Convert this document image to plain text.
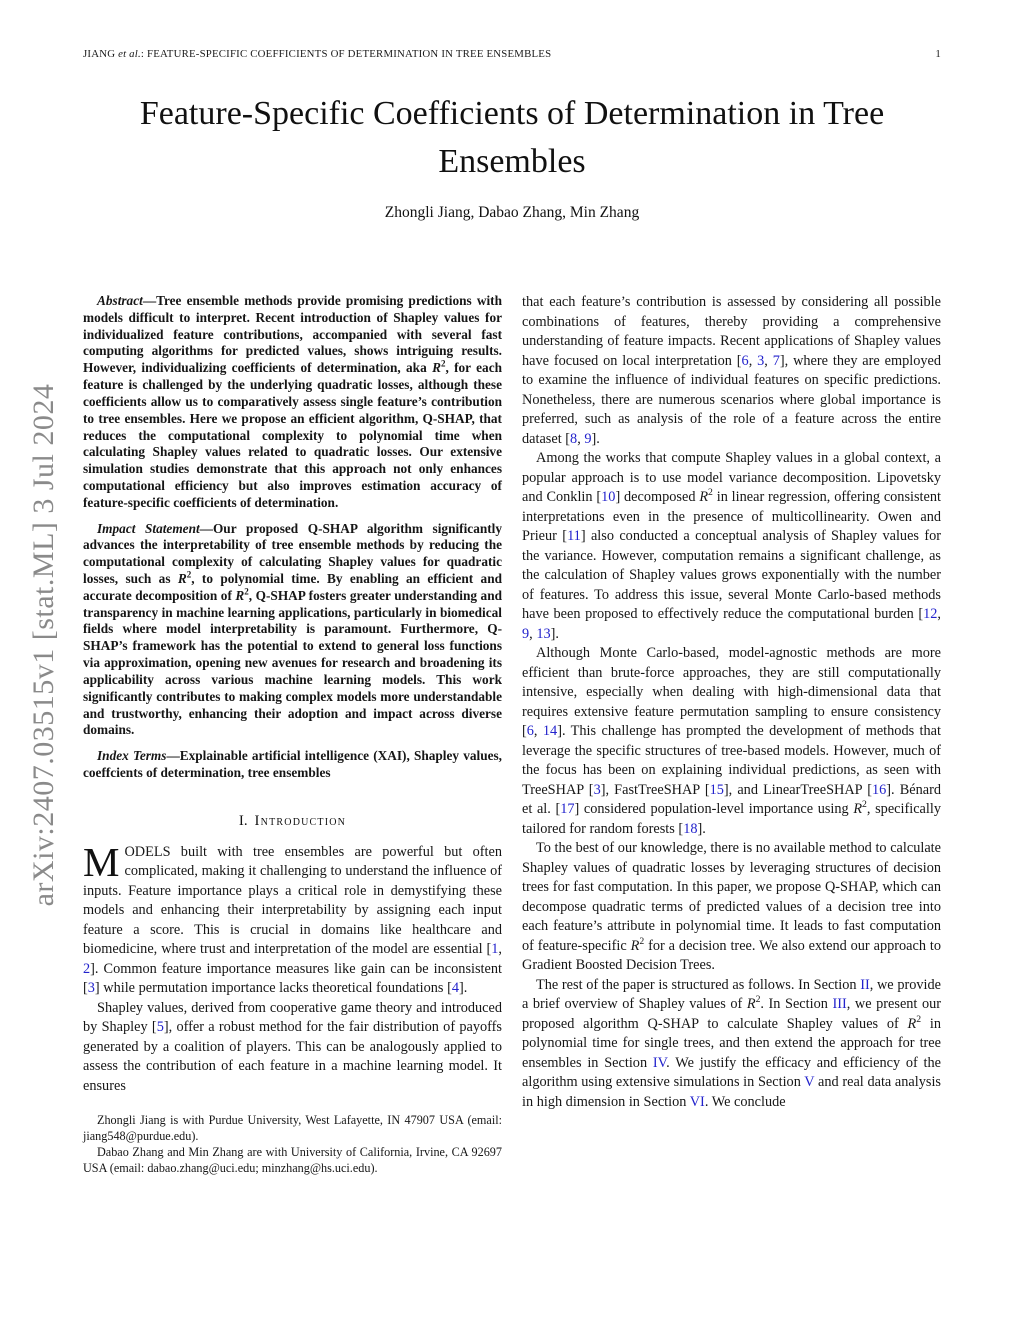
JIANG et al.: FEATURE-SPECIFIC COEFFICIENTS OF DETERMINATION IN TREE ENSEMBLES	1
arXiv:2407.03515v1 [stat.ML] 3 Jul 2024
Feature-Specific Coefficients of Determination in Tree Ensembles
Zhongli Jiang, Dabao Zhang, Min Zhang

Abstract—Tree ensemble methods provide promising predictions with models difficult to interpret. Recent introduction of Shapley values for individualized feature contributions, accompanied with several fast computing algorithms for predicted values, shows intriguing results. However, individualizing coefficients of determination, aka $R^2$, for each feature is challenged by the underlying quadratic losses, although these coefficients allow us to comparatively assess single feature’s contribution to tree ensembles. Here we propose an efficient algorithm, Q-SHAP, that reduces the computational complexity to polynomial time when calculating Shapley values related to quadratic losses. Our extensive simulation studies demonstrate that this approach not only enhances computational efficiency but also improves estimation accuracy of feature-specific coefficients of determination.

Impact Statement—Our proposed Q-SHAP algorithm significantly advances the interpretability of tree ensemble methods by reducing the computational complexity of calculating Shapley values for quadratic losses, such as $R^2$, to polynomial time. By enabling an efficient and accurate decomposition of $R^2$, Q-SHAP fosters greater understanding and transparency in machine learning applications, particularly in biomedical fields where model interpretability is paramount. Furthermore, Q-SHAP’s framework has the potential to extend to general loss functions via approximation, opening new avenues for research and broadening its applicability across various machine learning models. This work significantly contributes to making complex models more understandable and trustworthy, enhancing their adoption and impact across diverse domains.

Index Terms—Explainable artificial intelligence (XAI), Shapley values, coeffcients of determination, tree ensembles

I. Introduction

MODELS built with tree ensembles are powerful but often complicated, making it challenging to understand the influence of inputs. Feature importance plays a critical role in demystifying these models and enhancing their interpretability by assigning each input feature a score. This is crucial in domains like healthcare and biomedicine, where trust and interpretation of the model are essential [1, 2]. Common feature importance measures like gain can be inconsistent [3] while permutation importance lacks theoretical foundations [4].

Shapley values, derived from cooperative game theory and introduced by Shapley [5], offer a robust method for the fair distribution of payoffs generated by a coalition of players. This can be analogously applied to assess the contribution of each feature in a machine learning model. It ensures

Zhongli Jiang is with Purdue University, West Lafayette, IN 47907 USA (email: jiang548@purdue.edu).

Dabao Zhang and Min Zhang are with University of California, Irvine, CA 92697 USA (email: dabao.zhang@uci.edu; minzhang@hs.uci.edu).

that each feature’s contribution is assessed by considering all possible combinations of features, thereby providing a comprehensive understanding of feature impacts. Recent applications of Shapley values have focused on local interpretation [6, 3, 7], where they are employed to examine the influence of individual features on specific predictions. Nonetheless, there are numerous scenarios where global importance is preferred, such as analysis of the role of a feature across the entire dataset [8, 9].

Among the works that compute Shapley values in a global context, a popular approach is to use model variance decomposition. Lipovetsky and Conklin [10] decomposed $R^2$ in linear regression, offering consistent interpretations even in the presence of multicollinearity. Owen and Prieur [11] also conducted a conceptual analysis of Shapley values for the variance. However, computation remains a significant challenge, as the calculation of Shapley values grows exponentially with the number of features. To address this issue, several Monte Carlo-based methods have been proposed to effectively reduce the computational burden [12, 9, 13].

Although Monte Carlo-based, model-agnostic methods are more efficient than brute-force approaches, they are still computationally intensive, especially when dealing with high-dimensional data that requires extensive feature permutation sampling to ensure consistency [6, 14]. This challenge has prompted the development of methods that leverage the specific structures of tree-based models. However, much of the focus has been on explaining individual predictions, as seen with TreeSHAP [3], FastTreeSHAP [15], and LinearTreeSHAP [16]. Bénard et al. [17] considered population-level importance using $R^2$, specifically tailored for random forests [18].

To the best of our knowledge, there is no available method to calculate Shapley values of quadratic losses by leveraging structures of decision trees for fast computation. In this paper, we propose Q-SHAP, which can decompose quadratic terms of predicted values of a decision tree into each feature’s attribute in polynomial time. It leads to fast computation of feature-specific $R^2$ for a decision tree. We also extend our approach to Gradient Boosted Decision Trees.

The rest of the paper is structured as follows. In Section II, we provide a brief overview of Shapley values of $R^2$. In Section III, we present our proposed algorithm Q-SHAP to calculate Shapley values of $R^2$ in polynomial time for single trees, and then extend the approach for tree ensembles in Section IV. We justify the efficacy and efficiency of the algorithm using extensive simulations in Section V and real data analysis in high dimension in Section VI. We conclude
